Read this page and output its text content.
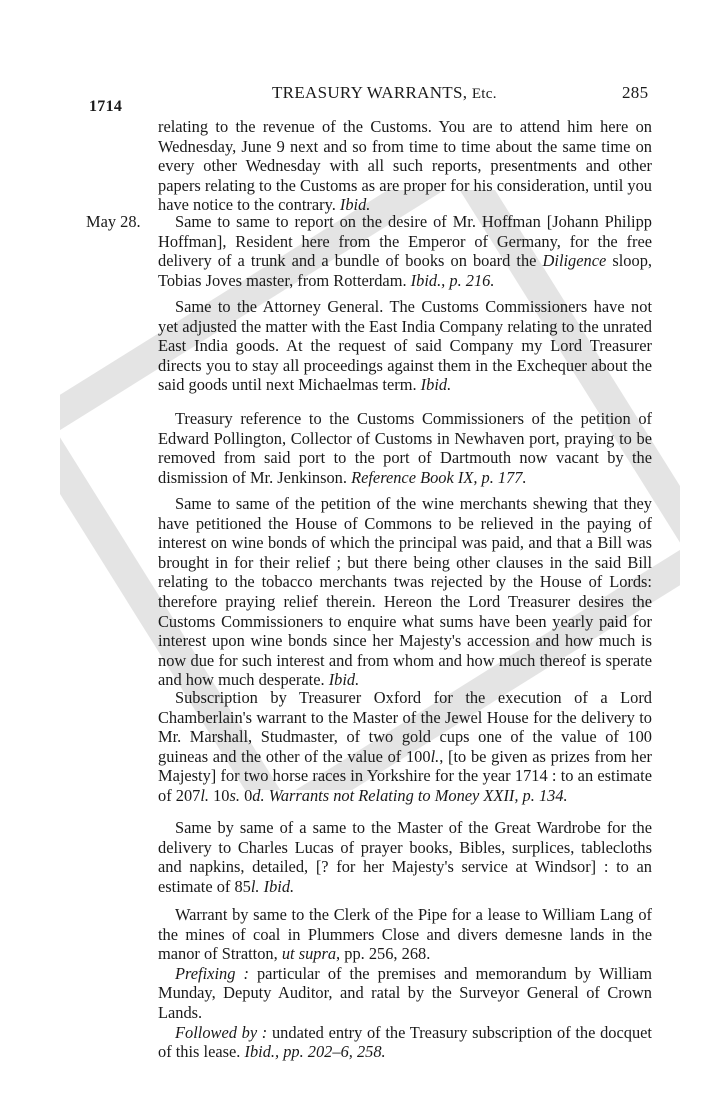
1714
TREASURY WARRANTS, Etc.	285

relating to the revenue of the Customs. You are to attend him here on Wednesday, June 9 next and so from time to time about the same time on every other Wednesday with all such reports, presentments and other papers relating to the Customs as are proper for his consideration, until you have notice to the contrary. Ibid.

May 28.	Same to same to report on the desire of Mr. Hoffman [Johann Philipp Hoffman], Resident here from the Emperor of Germany, for the free delivery of a trunk and a bundle of books on board the Diligence sloop, Tobias Joves master, from Rotterdam. Ibid., p. 216.

Same to the Attorney General. The Customs Commissioners have not yet adjusted the matter with the East India Company relating to the unrated East India goods. At the request of said Company my Lord Treasurer directs you to stay all proceedings against them in the Exchequer about the said goods until next Michaelmas term. Ibid.

Treasury reference to the Customs Commissioners of the petition of Edward Pollington, Collector of Customs in Newhaven port, praying to be removed from said port to the port of Dartmouth now vacant by the dismission of Mr. Jenkinson. Reference Book IX, p. 177.

Same to same of the petition of the wine merchants shewing that they have petitioned the House of Commons to be relieved in the paying of interest on wine bonds of which the principal was paid, and that a Bill was brought in for their relief ; but there being other clauses in the said Bill relating to the tobacco merchants twas rejected by the House of Lords: therefore praying relief therein. Hereon the Lord Treasurer desires the Customs Commissioners to enquire what sums have been yearly paid for interest upon wine bonds since her Majesty's accession and how much is now due for such interest and from whom and how much thereof is sperate and how much desperate. Ibid.

Subscription by Treasurer Oxford for the execution of a Lord Chamberlain's warrant to the Master of the Jewel House for the delivery to Mr. Marshall, Studmaster, of two gold cups one of the value of 100 guineas and the other of the value of 100l., [to be given as prizes from her Majesty] for two horse races in Yorkshire for the year 1714 : to an estimate of 207l. 10s. 0d. Warrants not Relating to Money XXII, p. 134.

Same by same of a same to the Master of the Great Wardrobe for the delivery to Charles Lucas of prayer books, Bibles, surplices, tablecloths and napkins, detailed, [? for her Majesty's service at Windsor] : to an estimate of 85l. Ibid.

Warrant by same to the Clerk of the Pipe for a lease to William Lang of the mines of coal in Plummers Close and divers demesne lands in the manor of Stratton, ut supra, pp. 256, 268.

Prefixing : particular of the premises and memorandum by William Munday, Deputy Auditor, and ratal by the Surveyor General of Crown Lands.

Followed by : undated entry of the Treasury subscription of the docquet of this lease. Ibid., pp. 202–6, 258.
